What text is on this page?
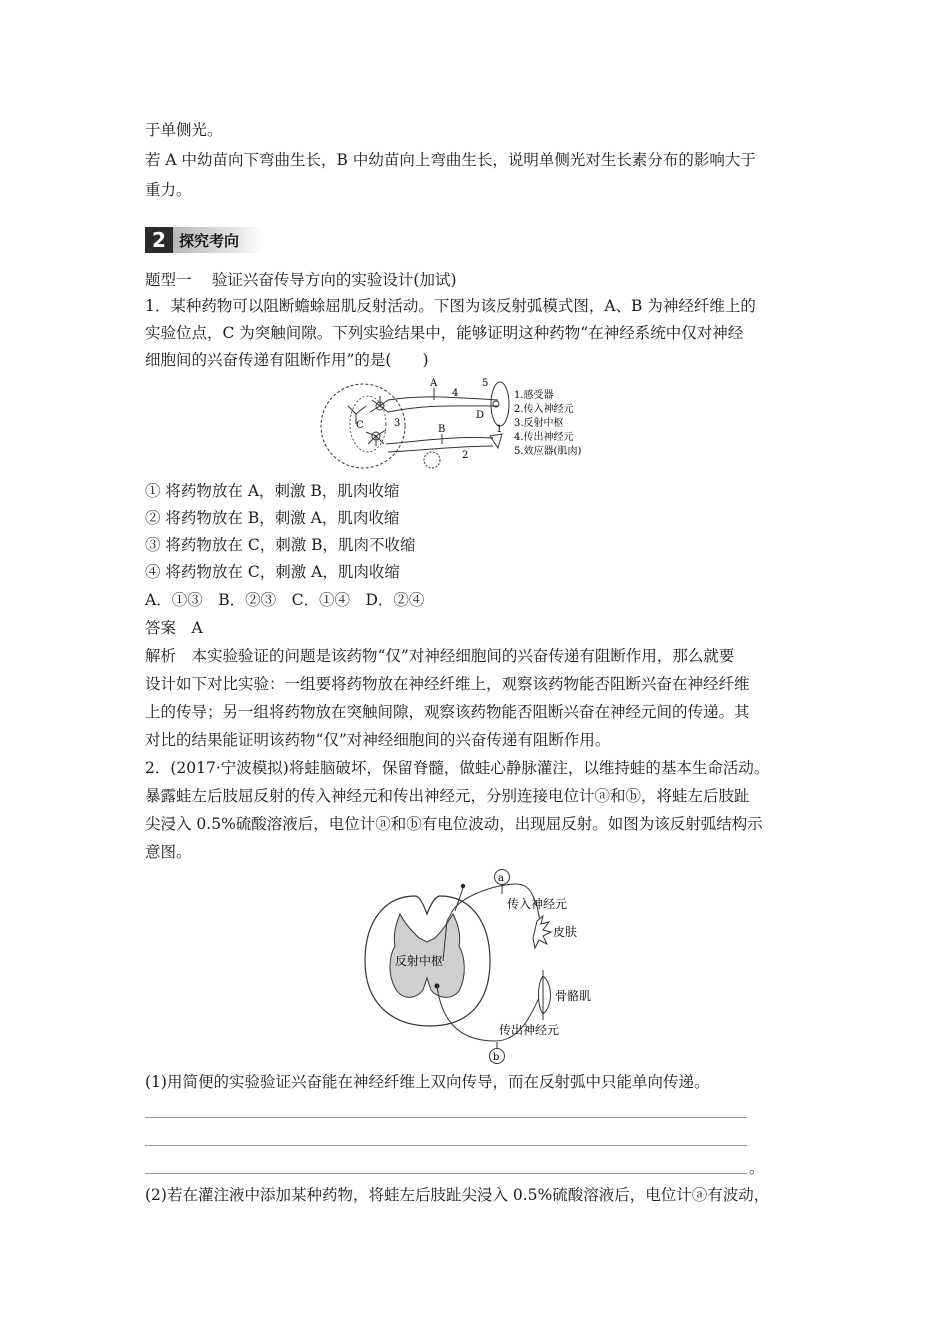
于单侧光。
若 A 中幼苗向下弯曲生长，B 中幼苗向上弯曲生长，说明单侧光对生长素分布的影响大于
重力。
2 探究考向
题型一　 验证兴奋传导方向的实验设计(加试)
1．某种药物可以阻断蟾蜍屈肌反射活动。下图为该反射弧模式图，A、B 为神经纤维上的
实验位点，C 为突触间隙。下列实验结果中，能够证明这种药物“在神经系统中仅对神经
细胞间的兴奋传递有阻断作用”的是(　　)
C	3
A
4
5
D
B
2
1
1.感受器
2.传入神经元
3.反射中枢
4.传出神经元
5.效应器(肌肉)
① 将药物放在 A，刺激 B，肌肉收缩
② 将药物放在 B，刺激 A，肌肉收缩
③ 将药物放在 C，刺激 B，肌肉不收缩
④ 将药物放在 C，刺激 A，肌肉收缩
A．①③　B．②③　C．①④　D．②④
答案　A
解析　本实验验证的问题是该药物“仅”对神经细胞间的兴奋传递有阻断作用，那么就要
设计如下对比实验：一组要将药物放在神经纤维上，观察该药物能否阻断兴奋在神经纤维
上的传导；另一组将药物放在突触间隙，观察该药物能否阻断兴奋在神经元间的传递。其
对比的结果能证明该药物“仅”对神经细胞间的兴奋传递有阻断作用。
2．(2017·宁波模拟)将蛙脑破坏，保留脊髓，做蛙心静脉灌注，以维持蛙的基本生命活动。
暴露蛙左后肢屈反射的传入神经元和传出神经元，分别连接电位计ⓐ和ⓑ，将蛙左后肢趾
尖浸入 0.5%硫酸溶液后，电位计ⓐ和ⓑ有电位波动，出现屈反射。如图为该反射弧结构示
意图。
反射中枢
a
传入神经元
皮肤
骨骼肌
传出神经元
b
(1)用简便的实验验证兴奋能在神经纤维上双向传导，而在反射弧中只能单向传递。
。
(2)若在灌注液中添加某种药物，将蛙左后肢趾尖浸入 0.5%硫酸溶液后，电位计ⓐ有波动，
